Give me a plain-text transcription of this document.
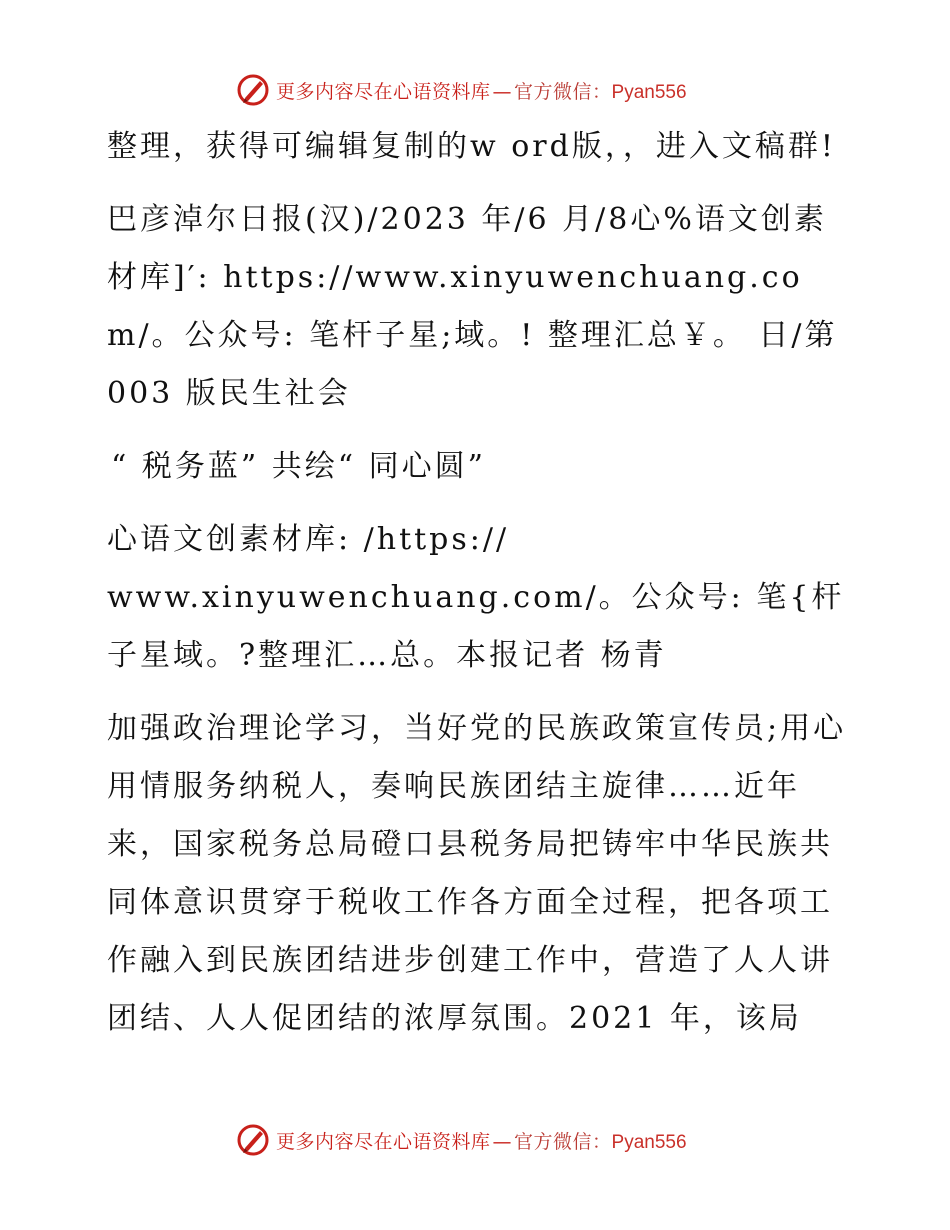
更多内容尽在心语资料库 — 官方微信：Pyan556

整理，获得可编辑复制的w ord版，，进入文稿群!

巴彦淖尔日报(汉)/2023 年/6 月/8心%语文创素材库]′: https://www.xinyuwenchuang.com/。公众号: 笔杆子星;域。! 整理汇总￥。 日/第 003 版民生社会

“ 税务蓝” 共绘“ 同心圆”

心语文创素材库: /https://
www.xinyuwenchuang.com/。公众号: 笔{杆子星域。?整理汇…总。本报记者 杨青

加强政治理论学习，当好党的民族政策宣传员;用心用情服务纳税人，奏响民族团结主旋律……近年来，国家税务总局磴口县税务局把铸牢中华民族共同体意识贯穿于税收工作各方面全过程，把各项工作融入到民族团结进步创建工作中，营造了人人讲团结、人人促团结的浓厚氛围。2021 年，该局

更多内容尽在心语资料库 — 官方微信：Pyan556
